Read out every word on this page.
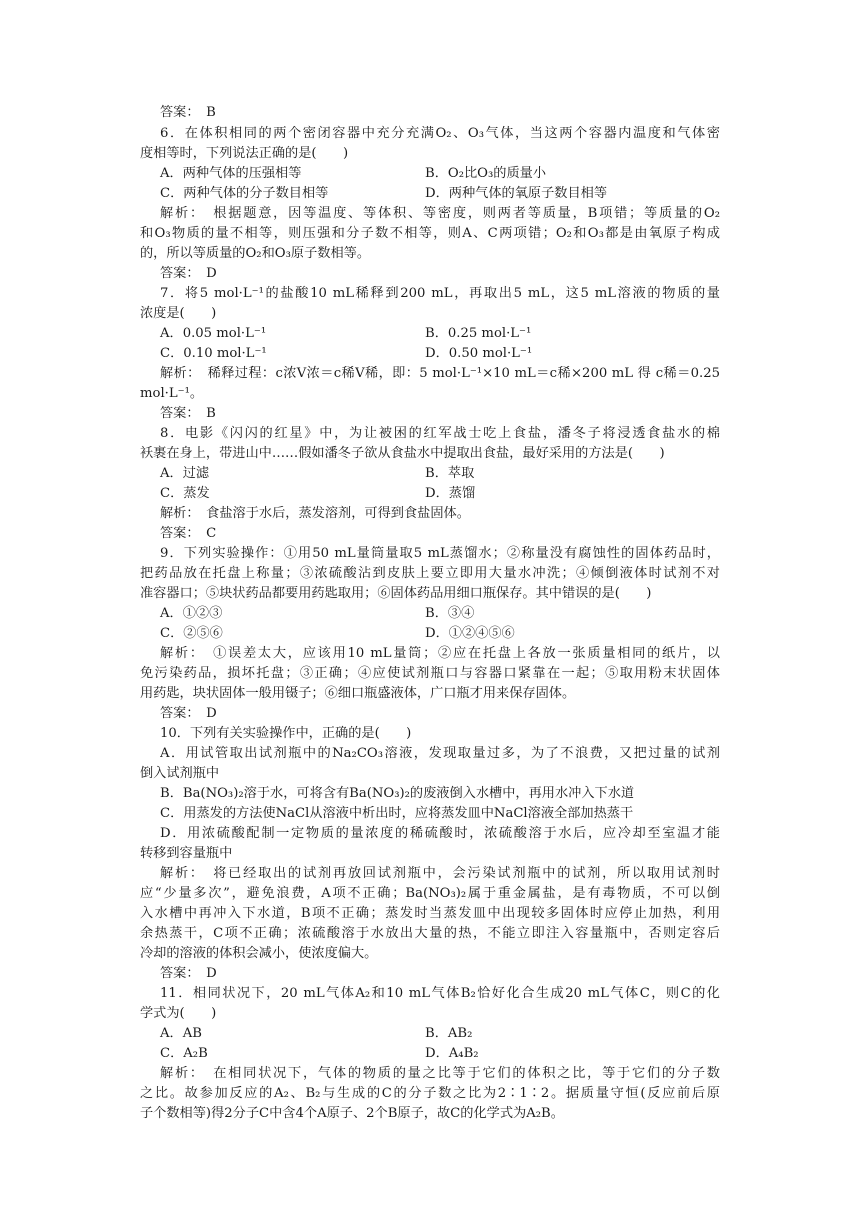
答案：　B
6．在体积相同的两个密闭容器中充分充满O₂、O₃气体，当这两个容器内温度和气体密
度相等时，下列说法正确的是(　　)
A．两种气体的压强相等	B．O₂比O₃的质量小
C．两种气体的分子数目相等	D．两种气体的氧原子数目相等
解析：　根据题意，因等温度、等体积、等密度，则两者等质量，B项错；等质量的O₂
和O₃物质的量不相等，则压强和分子数不相等，则A、C两项错；O₂和O₃都是由氧原子构成
的，所以等质量的O₂和O₃原子数相等。
答案：　D
7．将5 mol·L⁻¹的盐酸10 mL稀释到200 mL，再取出5 mL，这5 mL溶液的物质的量
浓度是(　　)
A．0.05 mol·L⁻¹	B．0.25 mol·L⁻¹
C．0.10 mol·L⁻¹	D．0.50 mol·L⁻¹
解析：　稀释过程：c浓V浓＝c稀V稀，即：5 mol·L⁻¹×10 mL＝c稀×200 mL 得 c稀＝0.25
mol·L⁻¹。
答案：　B
8．电影《闪闪的红星》中，为让被困的红军战士吃上食盐，潘冬子将浸透食盐水的棉
袄裹在身上，带进山中……假如潘冬子欲从食盐水中提取出食盐，最好采用的方法是(　　)
A．过滤	B．萃取
C．蒸发	D．蒸馏
解析：　食盐溶于水后，蒸发溶剂，可得到食盐固体。
答案：　C
9．下列实验操作：①用50 mL量筒量取5 mL蒸馏水；②称量没有腐蚀性的固体药品时，
把药品放在托盘上称量；③浓硫酸沾到皮肤上要立即用大量水冲洗；④倾倒液体时试剂不对
准容器口；⑤块状药品都要用药匙取用；⑥固体药品用细口瓶保存。其中错误的是(　　)
A．①②③	B．③④
C．②⑤⑥	D．①②④⑤⑥
解析：　①误差太大，应该用10 mL量筒；②应在托盘上各放一张质量相同的纸片，以
免污染药品，损坏托盘；③正确；④应使试剂瓶口与容器口紧靠在一起；⑤取用粉末状固体
用药匙，块状固体一般用镊子；⑥细口瓶盛液体，广口瓶才用来保存固体。
答案：　D
10．下列有关实验操作中，正确的是(　　)
A．用试管取出试剂瓶中的Na₂CO₃溶液，发现取量过多，为了不浪费，又把过量的试剂
倒入试剂瓶中
B．Ba(NO₃)₂溶于水，可将含有Ba(NO₃)₂的废液倒入水槽中，再用水冲入下水道
C．用蒸发的方法使NaCl从溶液中析出时，应将蒸发皿中NaCl溶液全部加热蒸干
D．用浓硫酸配制一定物质的量浓度的稀硫酸时，浓硫酸溶于水后，应冷却至室温才能
转移到容量瓶中
解析：　将已经取出的试剂再放回试剂瓶中，会污染试剂瓶中的试剂，所以取用试剂时
应“少量多次”，避免浪费，A项不正确；Ba(NO₃)₂属于重金属盐，是有毒物质，不可以倒
入水槽中再冲入下水道，B项不正确；蒸发时当蒸发皿中出现较多固体时应停止加热，利用
余热蒸干，C项不正确；浓硫酸溶于水放出大量的热，不能立即注入容量瓶中，否则定容后
冷却的溶液的体积会减小，使浓度偏大。
答案：　D
11．相同状况下，20 mL气体A₂和10 mL气体B₂恰好化合生成20 mL气体C，则C的化
学式为(　　)
A．AB	B．AB₂
C．A₂B	D．A₄B₂
解析：　在相同状况下，气体的物质的量之比等于它们的体积之比，等于它们的分子数
之比。故参加反应的A₂、B₂与生成的C的分子数之比为2∶1∶2。据质量守恒(反应前后原
子个数相等)得2分子C中含4个A原子、2个B原子，故C的化学式为A₂B。
